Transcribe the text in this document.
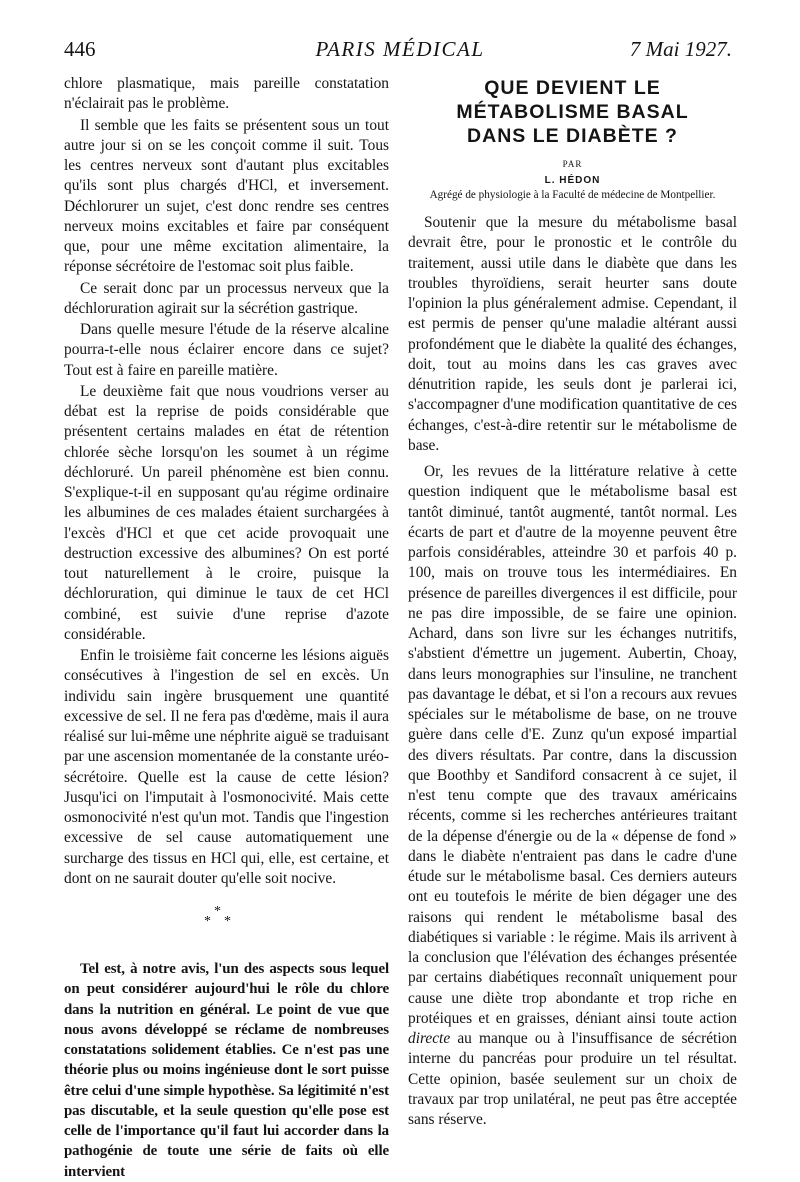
446	PARIS MÉDICAL	7 Mai 1927.

chlore plasmatique, mais pareille constatation n'éclairait pas le problème.

Il semble que les faits se présentent sous un tout autre jour si on se les conçoit comme il suit. Tous les centres nerveux sont d'autant plus excitables qu'ils sont plus chargés d'HCl, et inversement. Déchlorurer un sujet, c'est donc rendre ses centres nerveux moins excitables et faire par conséquent que, pour une même excitation alimentaire, la réponse sécrétoire de l'estomac soit plus faible.

Ce serait donc par un processus nerveux que la déchloruration agirait sur la sécrétion gastrique.

Dans quelle mesure l'étude de la réserve alcaline pourra-t-elle nous éclairer encore dans ce sujet? Tout est à faire en pareille matière.

Le deuxième fait que nous voudrions verser au débat est la reprise de poids considérable que présentent certains malades en état de rétention chlorée sèche lorsqu'on les soumet à un régime déchloruré. Un pareil phénomène est bien connu. S'explique-t-il en supposant qu'au régime ordinaire les albumines de ces malades étaient surchargées à l'excès d'HCl et que cet acide provoquait une destruction excessive des albumines? On est porté tout naturellement à le croire, puisque la déchloruration, qui diminue le taux de cet HCl combiné, est suivie d'une reprise d'azote considérable.

Enfin le troisième fait concerne les lésions aiguës consécutives à l'ingestion de sel en excès. Un individu sain ingère brusquement une quantité excessive de sel. Il ne fera pas d'œdème, mais il aura réalisé sur lui-même une néphrite aiguë se traduisant par une ascension momentanée de la constante uréo-sécrétoire. Quelle est la cause de cette lésion? Jusqu'ici on l'imputait à l'osmonocivité. Mais cette osmonocivité n'est qu'un mot. Tandis que l'ingestion excessive de sel cause automatiquement une surcharge des tissus en HCl qui, elle, est certaine, et dont on ne saurait douter qu'elle soit nocive.

*
* *

Tel est, à notre avis, l'un des aspects sous lequel on peut considérer aujourd'hui le rôle du chlore dans la nutrition en général. Le point de vue que nous avons développé se réclame de nombreuses constatations solidement établies. Ce n'est pas une théorie plus ou moins ingénieuse dont le sort puisse être celui d'une simple hypothèse. Sa légitimité n'est pas discutable, et la seule question qu'elle pose est celle de l'importance qu'il faut lui accorder dans la pathogénie de toute une série de faits où elle intervient

QUE DEVIENT LE
MÉTABOLISME BASAL
DANS LE DIABÈTE ?
PAR
L. HÉDON
Agrégé de physiologie à la Faculté de médecine de Montpellier.

Soutenir que la mesure du métabolisme basal devrait être, pour le pronostic et le contrôle du traitement, aussi utile dans le diabète que dans les troubles thyroïdiens, serait heurter sans doute l'opinion la plus généralement admise. Cependant, il est permis de penser qu'une maladie altérant aussi profondément que le diabète la qualité des échanges, doit, tout au moins dans les cas graves avec dénutrition rapide, les seuls dont je parlerai ici, s'accompagner d'une modification quantitative de ces échanges, c'est-à-dire retentir sur le métabolisme de base.

Or, les revues de la littérature relative à cette question indiquent que le métabolisme basal est tantôt diminué, tantôt augmenté, tantôt normal. Les écarts de part et d'autre de la moyenne peuvent être parfois considérables, atteindre 30 et parfois 40 p. 100, mais on trouve tous les intermédiaires. En présence de pareilles divergences il est difficile, pour ne pas dire impossible, de se faire une opinion. Achard, dans son livre sur les échanges nutritifs, s'abstient d'émettre un jugement. Aubertin, Choay, dans leurs monographies sur l'insuline, ne tranchent pas davantage le débat, et si l'on a recours aux revues spéciales sur le métabolisme de base, on ne trouve guère dans celle d'E. Zunz qu'un exposé impartial des divers résultats. Par contre, dans la discussion que Boothby et Sandiford consacrent à ce sujet, il n'est tenu compte que des travaux américains récents, comme si les recherches antérieures traitant de la dépense d'énergie ou de la « dépense de fond » dans le diabète n'entraient pas dans le cadre d'une étude sur le métabolisme basal. Ces derniers auteurs ont eu toutefois le mérite de bien dégager une des raisons qui rendent le métabolisme basal des diabétiques si variable : le régime. Mais ils arrivent à la conclusion que l'élévation des échanges présentée par certains diabétiques reconnaît uniquement pour cause une diète trop abondante et trop riche en protéiques et en graisses, déniant ainsi toute action directe au manque ou à l'insuffisance de sécrétion interne du pancréas pour produire un tel résultat. Cette opinion, basée seulement sur un choix de travaux par trop unilatéral, ne peut pas être acceptée sans réserve.
